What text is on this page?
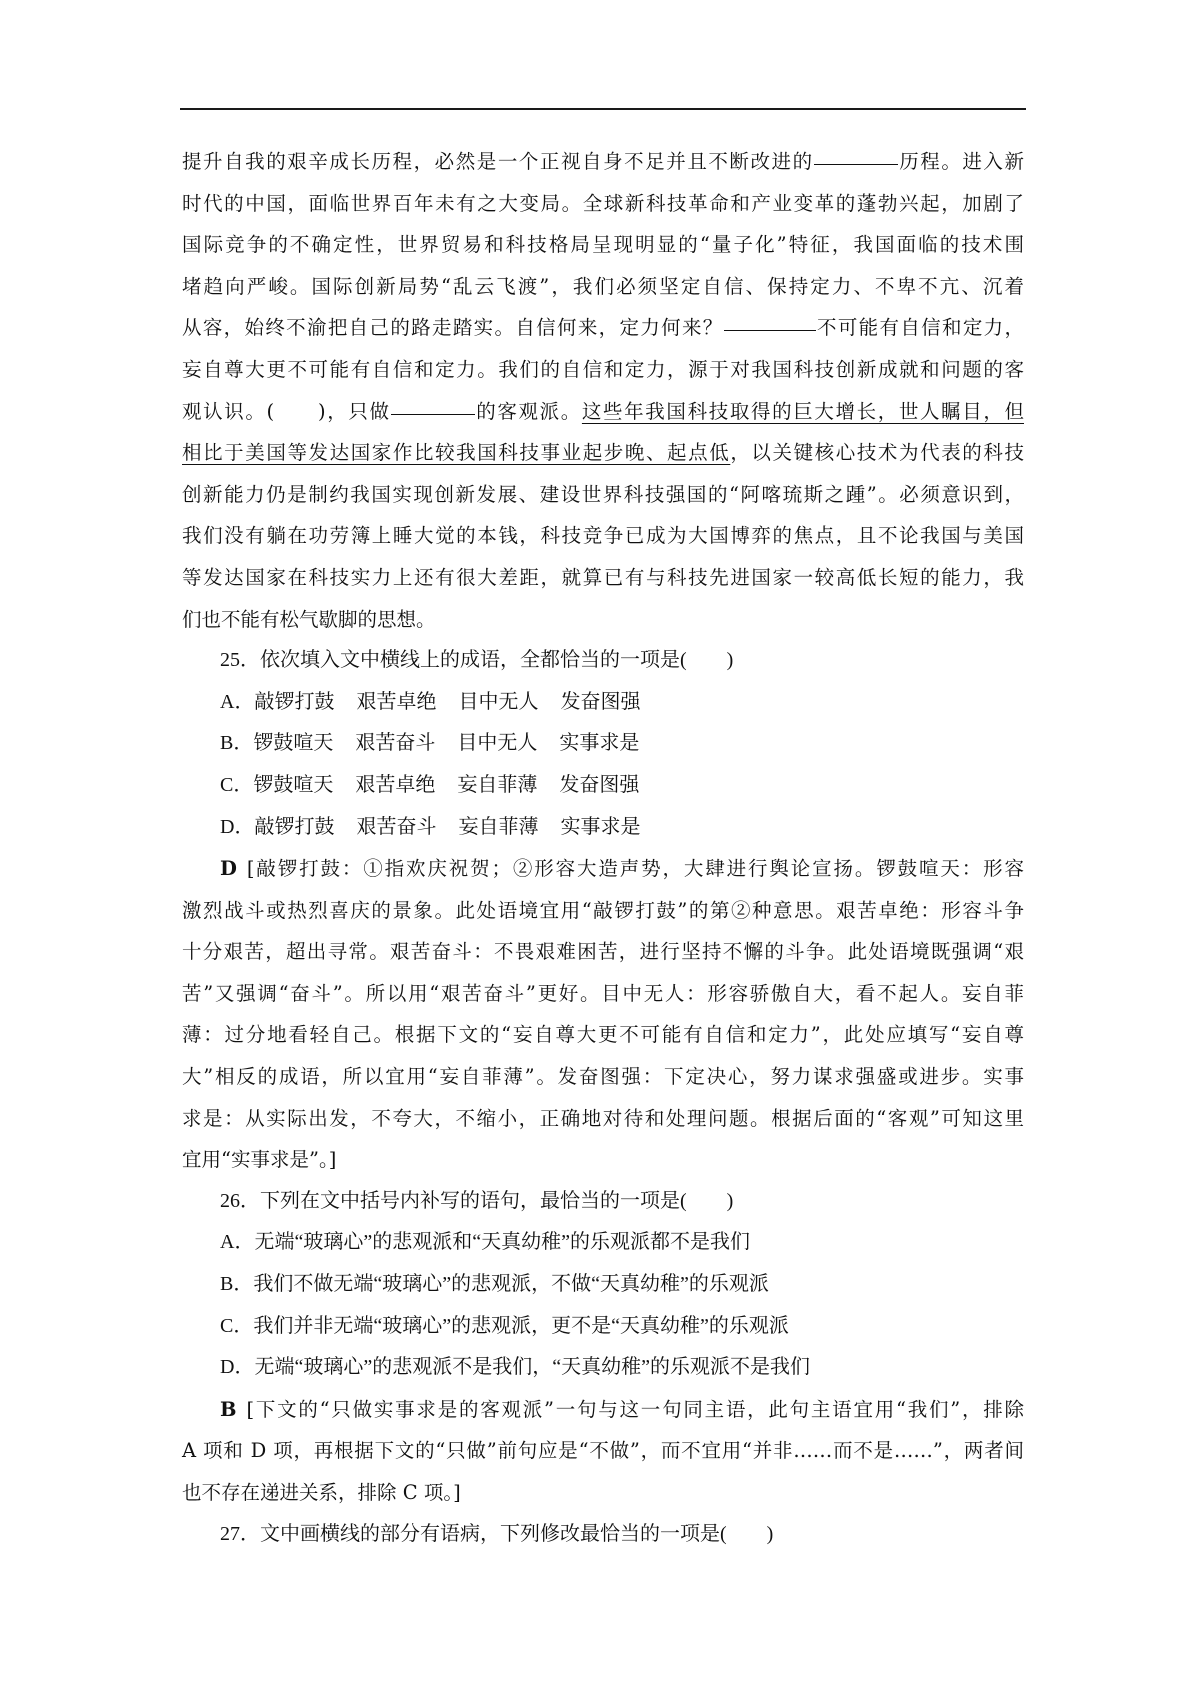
提升自我的艰辛成长历程，必然是一个正视自身不足并且不断改进的	历程。进入新
时代的中国，面临世界百年未有之大变局。全球新科技革命和产业变革的蓬勃兴起，加剧了
国际竞争的不确定性，世界贸易和科技格局呈现明显的“量子化”特征，我国面临的技术围
堵趋向严峻。国际创新局势“乱云飞渡”，我们必须坚定自信、保持定力、不卑不亢、沉着
从容，始终不渝把自己的路走踏实。自信何来，定力何来？	不可能有自信和定力，
妄自尊大更不可能有自信和定力。我们的自信和定力，源于对我国科技创新成就和问题的客
观认识。(　　)，只做	的客观派。这些年我国科技取得的巨大增长，世人瞩目，但
相比于美国等发达国家作比较我国科技事业起步晚、起点低，以关键核心技术为代表的科技
创新能力仍是制约我国实现创新发展、建设世界科技强国的“阿喀琉斯之踵”。必须意识到，
我们没有躺在功劳簿上睡大觉的本钱，科技竞争已成为大国博弈的焦点，且不论我国与美国
等发达国家在科技实力上还有很大差距，就算已有与科技先进国家一较高低长短的能力，我
们也不能有松气歇脚的思想。
25．依次填入文中横线上的成语，全都恰当的一项是(　　)
A．敲锣打鼓 艰苦卓绝 目中无人 发奋图强
B．锣鼓喧天 艰苦奋斗 目中无人 实事求是
C．锣鼓喧天 艰苦卓绝 妄自菲薄 发奋图强
D．敲锣打鼓 艰苦奋斗 妄自菲薄 实事求是
D [敲锣打鼓：①指欢庆祝贺；②形容大造声势，大肆进行舆论宣扬。锣鼓喧天：形容
激烈战斗或热烈喜庆的景象。此处语境宜用“敲锣打鼓”的第②种意思。艰苦卓绝：形容斗争
十分艰苦，超出寻常。艰苦奋斗：不畏艰难困苦，进行坚持不懈的斗争。此处语境既强调“艰
苦”又强调“奋斗”。所以用“艰苦奋斗”更好。目中无人：形容骄傲自大，看不起人。妄自菲
薄：过分地看轻自己。根据下文的“妄自尊大更不可能有自信和定力”，此处应填写“妄自尊
大”相反的成语，所以宜用“妄自菲薄”。发奋图强：下定决心，努力谋求强盛或进步。实事
求是：从实际出发，不夸大，不缩小，正确地对待和处理问题。根据后面的“客观”可知这里
宜用“实事求是”。]
26．下列在文中括号内补写的语句，最恰当的一项是(　　)
A．无端“玻璃心”的悲观派和“天真幼稚”的乐观派都不是我们
B．我们不做无端“玻璃心”的悲观派，不做“天真幼稚”的乐观派
C．我们并非无端“玻璃心”的悲观派，更不是“天真幼稚”的乐观派
D．无端“玻璃心”的悲观派不是我们，“天真幼稚”的乐观派不是我们
B [下文的“只做实事求是的客观派”一句与这一句同主语，此句主语宜用“我们”，排除
A 项和 D 项，再根据下文的“只做”前句应是“不做”，而不宜用“并非……而不是……”，两者间
也不存在递进关系，排除 C 项。]
27．文中画横线的部分有语病，下列修改最恰当的一项是(　　)
